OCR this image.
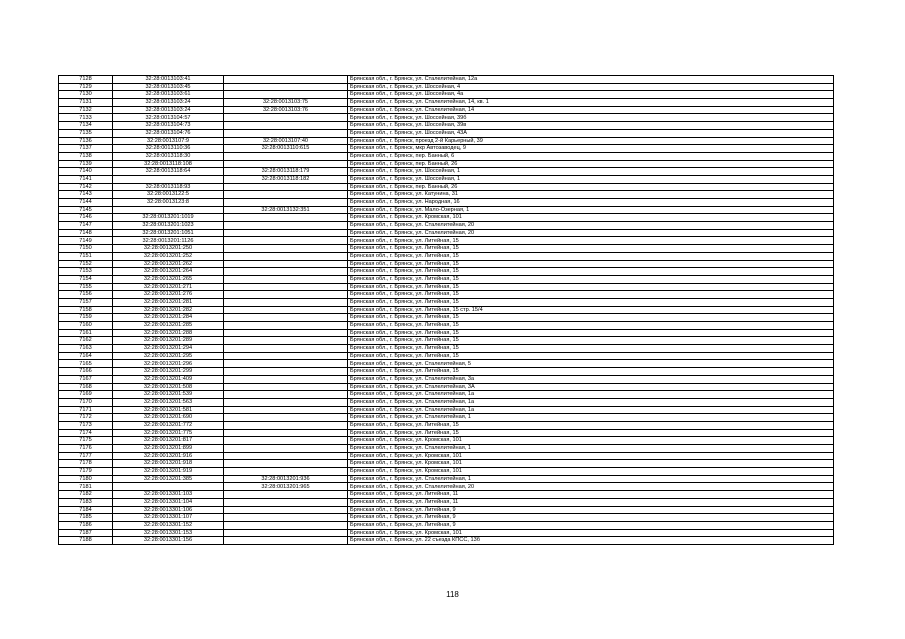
7128	32:28:0013103:41		Брянская обл., г. Брянск, ул. Сталелитейная, 12а
7129	32:28:0013103:45		Брянская обл., г. Брянск, ул. Шоссейная, 4
7130	32:28:0013103:61		Брянская обл., г. Брянск, ул. Шоссейная, 4а
7131	32:28:0013103:24	32:28:0013103:75	Брянская обл., г. Брянск, ул. Сталелитейная, 14, кв. 1
7132	32:28:0013103:24	32:28:0013103:76	Брянская обл., г. Брянск, ул. Сталелитейная, 14
7133	32:28:0013104:57		Брянская обл., г. Брянск, ул. Шоссейная, 39б
7134	32:28:0013104:73		Брянская обл., г. Брянск, ул. Шоссейная, 39в
7135	32:28:0013104:76		Брянская обл., г. Брянск, ул. Шоссейная, 43А
7136	32:28:0013107:9	32:28:0013107:40	Брянская обл., г. Брянск, проезд 2-й Карьерный, 39
7137	32:28:0013110:36	32:28:0013110:615	Брянская обл., г. Брянск, мкр Автозаводец, 9
7138	32:28:0013118:30		Брянская обл., г. Брянск, пер. Банный, 6
7139	32:28:0013118:108		Брянская обл., г. Брянск, пер. Банный, 26
7140	32:28:0013118:64	32:28:0013118:179	Брянская обл., г. Брянск, ул. Шоссейная, 1
7141		32:28:0013118:182	Брянская обл., г. Брянск, ул. Шоссейная, 1
7142	32:28:0013118:93		Брянская обл., г. Брянск, пер. Банный, 26
7143	32:28:0013122:5		Брянская обл., г. Брянск, ул. Катунина, 31
7144	32:28:0013123:8		Брянская обл., г. Брянск, ул. Народная, 16
7145		32:28:0013132:351	Брянская обл., г. Брянск, ул. Мало-Озерная, 1
7146	32:28:0013201:1019		Брянская обл., г. Брянск, ул. Кромская, 101
7147	32:28:0013201:1023		Брянская обл., г. Брянск, ул. Сталелитейная, 20
7148	32:28:0013201:1051		Брянская обл., г. Брянск, ул. Сталелитейная, 20
7149	32:28:0013201:1126		Брянская обл., г. Брянск, ул. Литейная, 15
7150	32:28:0013201:250		Брянская обл., г. Брянск, ул. Литейная, 15
7151	32:28:0013201:252		Брянская обл., г. Брянск, ул. Литейная, 15
7152	32:28:0013201:262		Брянская обл., г. Брянск, ул. Литейная, 15
7153	32:28:0013201:264		Брянская обл., г. Брянск, ул. Литейная, 15
7154	32:28:0013201:265		Брянская обл., г. Брянск, ул. Литейная, 15
7155	32:28:0013201:271		Брянская обл., г. Брянск, ул. Литейная, 15
7156	32:28:0013201:276		Брянская обл., г. Брянск, ул. Литейная, 15
7157	32:28:0013201:281		Брянская обл., г. Брянск, ул. Литейная, 15
7158	32:28:0013201:282		Брянская обл., г. Брянск, ул. Литейная, 15 стр. 15/4
7159	32:28:0013201:284		Брянская обл., г. Брянск, ул. Литейная, 15
7160	32:28:0013201:285		Брянская обл., г. Брянск, ул. Литейная, 15
7161	32:28:0013201:288		Брянская обл., г. Брянск, ул. Литейная, 15
7162	32:28:0013201:289		Брянская обл., г. Брянск, ул. Литейная, 15
7163	32:28:0013201:294		Брянская обл., г. Брянск, ул. Литейная, 15
7164	32:28:0013201:295		Брянская обл., г. Брянск, ул. Литейная, 15
7165	32:28:0013201:296		Брянская обл., г. Брянск, ул. Сталелитейная, 5
7166	32:28:0013201:299		Брянская обл., г. Брянск, ул. Литейная, 15
7167	32:28:0013201:409		Брянская обл., г. Брянск, ул. Сталелитейная, 3а
7168	32:28:0013201:508		Брянская обл., г. Брянск, ул. Сталелитейная, 3А
7169	32:28:0013201:539		Брянская обл., г. Брянск, ул. Сталелитейная, 1а
7170	32:28:0013201:563		Брянская обл., г. Брянск, ул. Сталелитейная, 1а
7171	32:28:0013201:581		Брянская обл., г. Брянск, ул. Сталелитейная, 1а
7172	32:28:0013201:690		Брянская обл., г. Брянск, ул. Сталелитейная, 1
7173	32:28:0013201:772		Брянская обл., г. Брянск, ул. Литейная, 15
7174	32:28:0013201:775		Брянская обл., г. Брянск, ул. Литейная, 15
7175	32:28:0013201:817		Брянская обл., г. Брянск, ул. Кромская, 101
7176	32:28:0013201:899		Брянская обл., г. Брянск, ул. Сталелитейная, 1
7177	32:28:0013201:916		Брянская обл., г. Брянск, ул. Кромская, 101
7178	32:28:0013201:918		Брянская обл., г. Брянск, ул. Кромская, 101
7179	32:28:0013201:919		Брянская обл., г. Брянск, ул. Кромская, 101
7180	32:28:0013201:385	32:28:0013201:936	Брянская обл., г. Брянск, ул. Сталелитейная, 1
7181		32:28:0013201:965	Брянская обл., г. Брянск, ул. Сталелитейная, 20
7182	32:28:0013301:103		Брянская обл., г. Брянск, ул. Литейная, 11
7183	32:28:0013301:104		Брянская обл., г. Брянск, ул. Литейная, 11
7184	32:28:0013301:106		Брянская обл., г. Брянск, ул. Литейная, 9
7185	32:28:0013301:107		Брянская обл., г. Брянск, ул. Литейная, 9
7186	32:28:0013301:152		Брянская обл., г. Брянск, ул. Литейная, 9
7187	32:28:0013301:153		Брянская обл., г. Брянск, ул. Кромская, 101
7188	32:28:0013301:156		Брянская обл., г. Брянск, ул. 22 съезда КПСС, 13б
118
